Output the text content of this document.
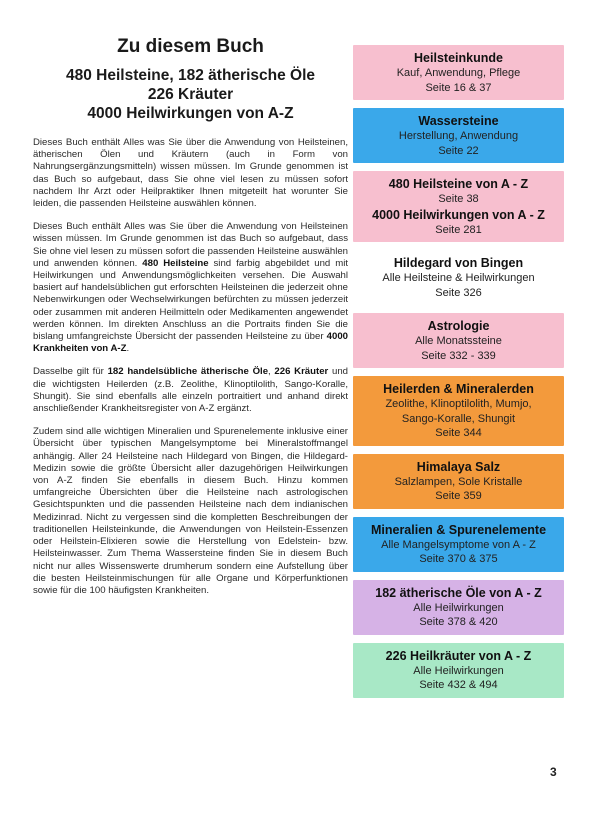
Zu diesem Buch
480 Heilsteine, 182 ätherische Öle
226 Kräuter
4000 Heilwirkungen von A-Z

Dieses Buch enthält Alles was Sie über die Anwendung von Heilsteinen, ätherischen Ölen und Kräutern (auch in Form von Nahrungsergänzungsmitteln) wissen müssen. Im Grunde genommen ist das Buch so aufgebaut, dass Sie ohne viel lesen zu müssen sofort nachdem Ihr Arzt oder Heilpraktiker Ihnen mitgeteilt hat worunter Sie leiden, die passenden Heilsteine auswählen können.

Dieses Buch enthält Alles was Sie über die Anwendung von Heilsteinen wissen müssen. Im Grunde genommen ist das Buch so aufgebaut, dass Sie ohne viel lesen zu müssen sofort die passenden Heilsteine auswählen und anwenden können. 480 Heilsteine sind farbig abgebildet und mit Heilwirkungen und Anwendungsmöglichkeiten versehen. Die Auswahl basiert auf handelsüblichen gut erforschten Heilsteinen die jederzeit ohne Nebenwirkungen oder Wechselwirkungen befürchten zu müssen jederzeit oder zusammen mit anderen Heilmitteln oder Medikamenten angewendet werden können. Im direkten Anschluss an die Portraits finden Sie die bislang umfangreichste Übersicht der passenden Heilsteine zu über 4000 Krankheiten von A-Z.

Dasselbe gilt für 182 handelsübliche ätherische Öle, 226 Kräuter und die wichtigsten Heilerden (z.B. Zeolithe, Klinoptilolith, Sango-Koralle, Shungit). Sie sind ebenfalls alle einzeln portraitiert und anhand direkt anschließender Krankheitsregister von A-Z ergänzt.

Zudem sind alle wichtigen Mineralien und Spurenelemente inklusive einer Übersicht über typischen Mangelsymptome bei Mineralstoffmangel anhängig. Aller 24 Heilsteine nach Hildegard von Bingen, die Hildegard-Medizin sowie die größte Übersicht aller dazugehörigen Heilwirkungen von A-Z finden Sie ebenfalls in diesem Buch. Hinzu kommen umfangreiche Übersichten über die Heilsteine nach astrologischen Gesichtspunkten und die passenden Heilsteine nach dem indianischen Medizinrad. Nicht zu vergessen sind die kompletten Beschreibungen der traditionellen Heilsteinkunde, die Anwendungen von Heilstein-Essenzen oder Heilstein-Elixieren sowie die Herstellung von Edelstein- bzw. Heilsteinwasser. Zum Thema Wassersteine finden Sie in diesem Buch nicht nur alles Wissenswerte drumherum sondern eine Aufstellung über die besten Heilsteinmischungen für alle Organe und Körperfunktionen sowie für die 100 häufigsten Krankheiten.

Heilsteinkunde
Kauf, Anwendung, Pflege
Seite 16 & 37
Wassersteine
Herstellung, Anwendung
Seite 22
480 Heilsteine von A - Z
Seite 38
4000 Heilwirkungen von A - Z
Seite 281
Hildegard von Bingen
Alle Heilsteine & Heilwirkungen
Seite 326
Astrologie
Alle Monatssteine
Seite 332 - 339
Heilerden & Mineralerden
Zeolithe, Klinoptilolith, Mumjo,
Sango-Koralle, Shungit
Seite 344
Himalaya Salz
Salzlampen, Sole Kristalle
Seite 359
Mineralien & Spurenelemente
Alle Mangelsymptome von A - Z
Seite 370 & 375
182 ätherische Öle von A - Z
Alle Heilwirkungen
Seite 378 & 420
226 Heilkräuter von A - Z
Alle Heilwirkungen
Seite 432 & 494
3
